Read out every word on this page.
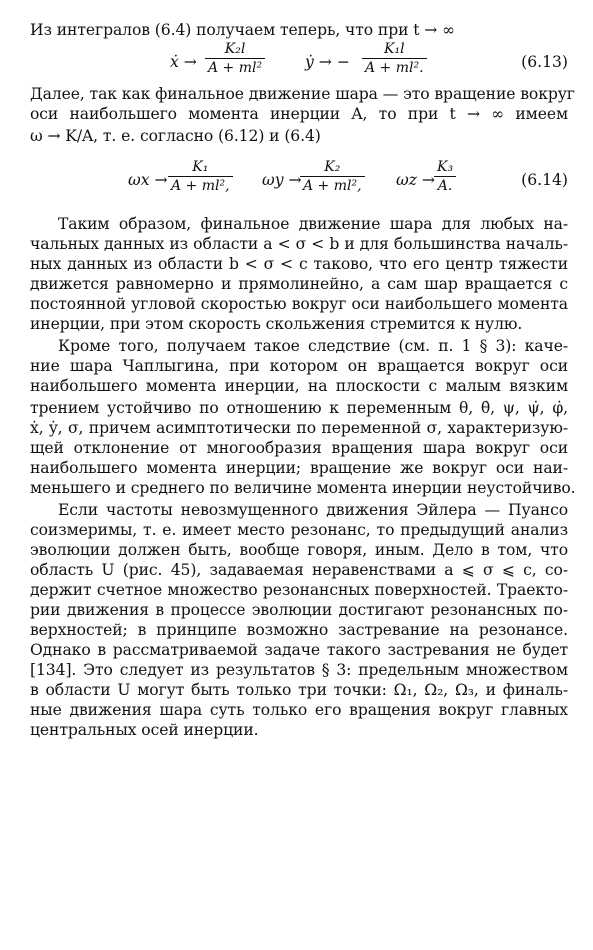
Из интегралов (6.4) получаем теперь, что при t → ∞
ẋ → $\frac{\text{K₂l}}{\text{A + ml²}}$	ẏ → − $\frac{\text{K₁l}}{\text{A + ml².}}$	(6.13)
Далее, так как финальное движение шара — это вращение вокруг
оси наибольшего момента инерции A, то при t → ∞ имеем
ω → K/A, т. е. согласно (6.12) и (6.4)
$\omega x \to \frac{\text{K₁}}{\text{A + ml²,}}$ ωy →
$\frac{\text{K₂}}{\text{A + ml²,}}$ $\omega z \to \frac{\text{K₃}}{A.}$	(6.14)
Таким образом, финальное движение шара для любых на-
чальных данных из области a < σ < b и для большинства началь-
ных данных из области b < σ < c таково, что его центр тяжести
движется равномерно и прямолинейно, а сам шар вращается с
постоянной угловой скоростью вокруг оси наибольшего момента
инерции, при этом скорость скольжения стремится к нулю.
Кроме того, получаем такое следствие (см. п. 1 § 3): каче-
ние шара Чаплыгина, при котором он вращается вокруг оси
наибольшего момента инерции, на плоскости с малым вязким
трением устойчиво по отношению к переменным θ, θ̇, ψ, ψ̇, φ̇,
ẋ, ẏ, σ, причем асимптотически по переменной σ, характеризую-
щей отклонение от многообразия вращения шара вокруг оси
наибольшего момента инерции; вращение же вокруг оси наи-
меньшего и среднего по величине момента инерции неустойчиво.
Если частоты невозмущенного движения Эйлера — Пуансо
соизмеримы, т. е. имеет место резонанс, то предыдущий анализ
эволюции должен быть, вообще говоря, иным. Дело в том, что
область U (рис. 45), задаваемая неравенствами a ⩽ σ ⩽ c, со-
держит счетное множество резонансных поверхностей. Траекто-
рии движения в процессе эволюции достигают резонансных по-
верхностей; в принципе возможно застревание на резонансе.
Однако в рассматриваемой задаче такого застревания не будет
[134]. Это следует из результатов § 3: предельным множеством
в области U могут быть только три точки: Ω₁, Ω₂, Ω₃, и финаль-
ные движения шара суть только его вращения вокруг главных
центральных осей инерции.
